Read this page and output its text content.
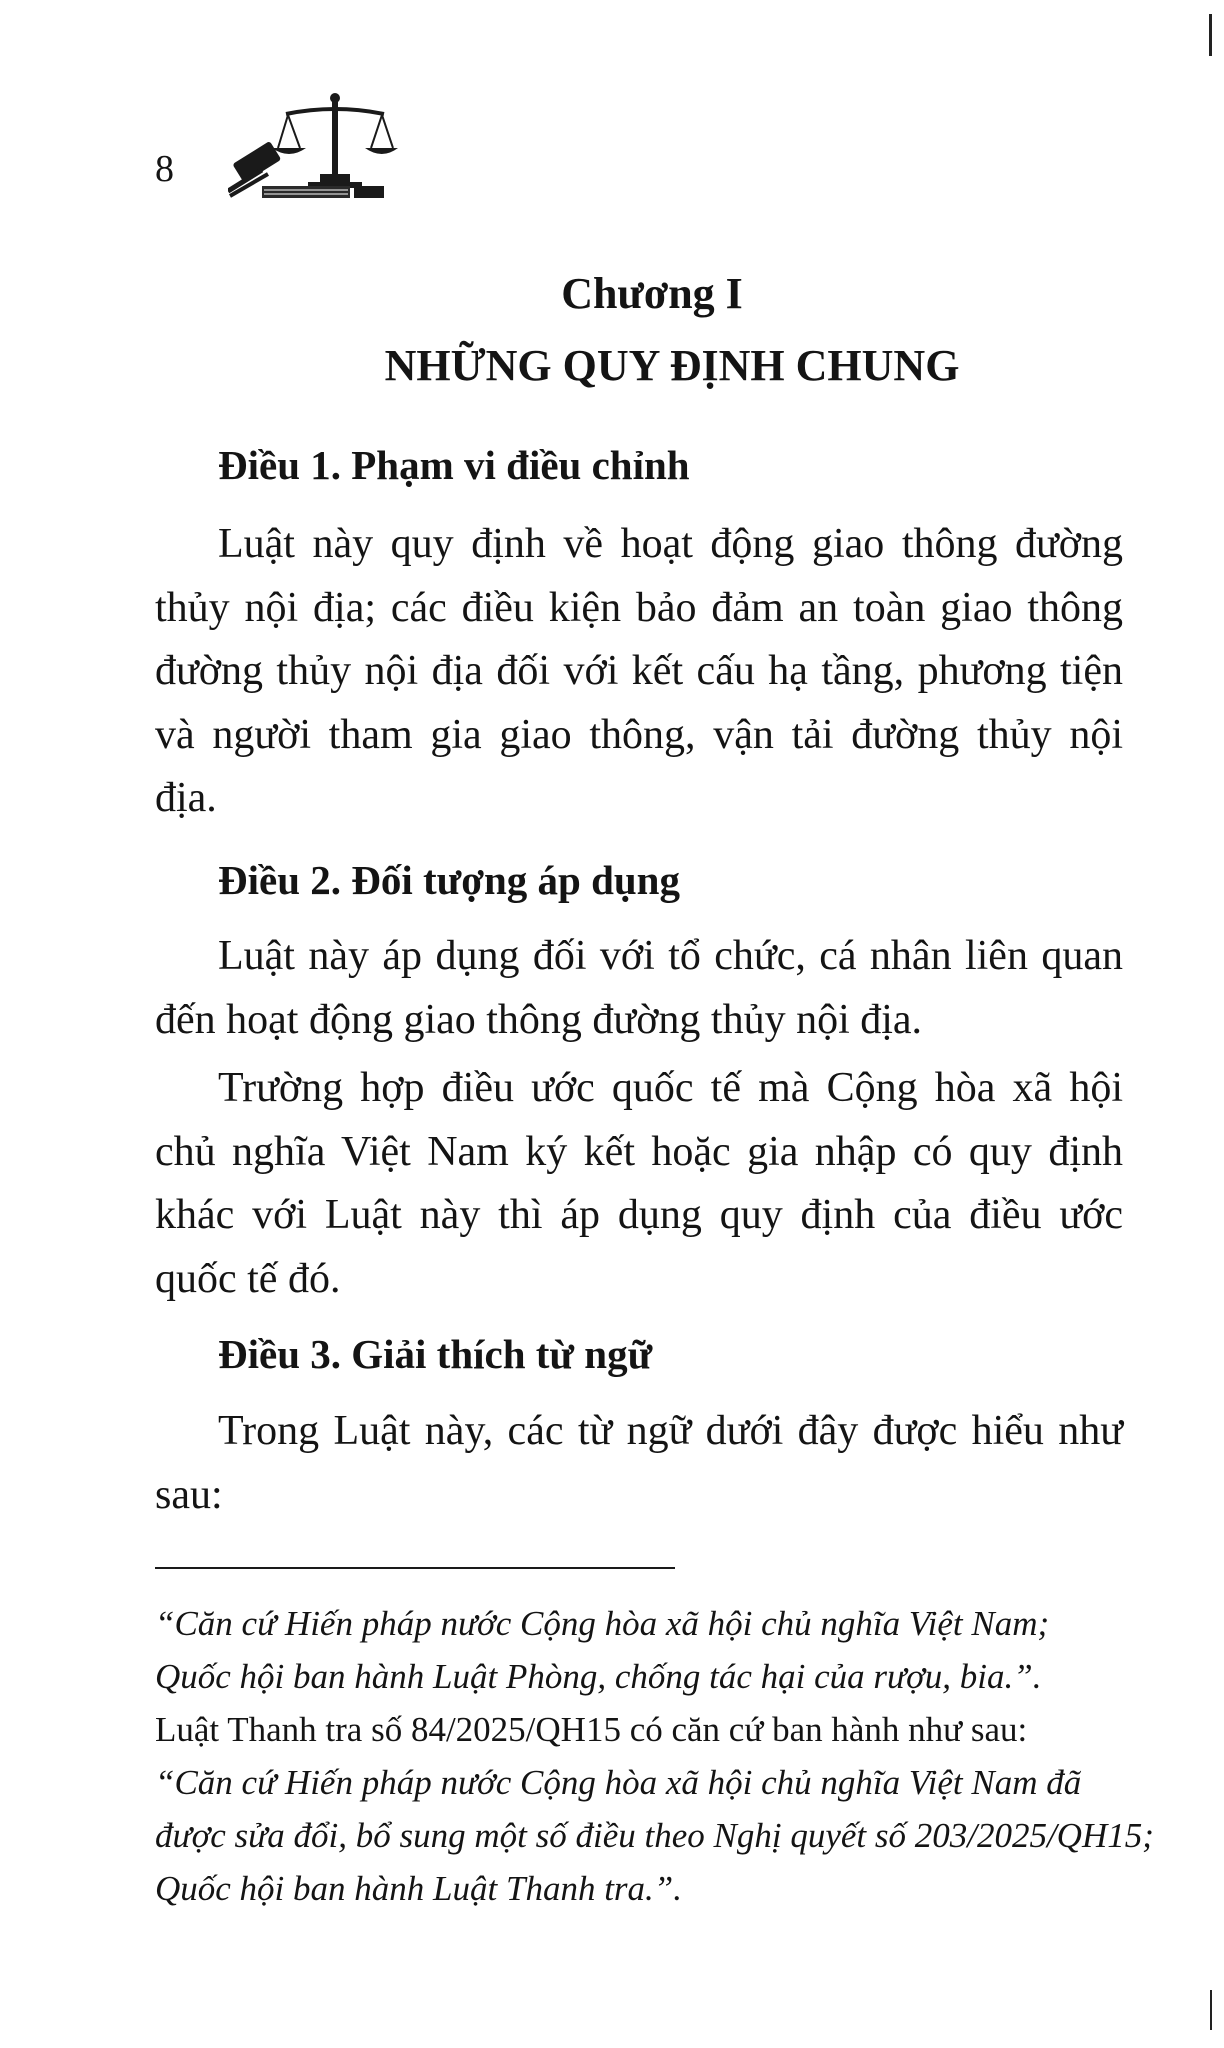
8
Chương I
NHỮNG QUY ĐỊNH CHUNG
Điều 1. Phạm vi điều chỉnh

Luật này quy định về hoạt động giao thông đường thủy nội địa; các điều kiện bảo đảm an toàn giao thông đường thủy nội địa đối với kết cấu hạ tầng, phương tiện và người tham gia giao thông, vận tải đường thủy nội địa.

Điều 2. Đối tượng áp dụng

Luật này áp dụng đối với tổ chức, cá nhân liên quan đến hoạt động giao thông đường thủy nội địa.

Trường hợp điều ước quốc tế mà Cộng hòa xã hội chủ nghĩa Việt Nam ký kết hoặc gia nhập có quy định khác với Luật này thì áp dụng quy định của điều ước quốc tế đó.

Điều 3. Giải thích từ ngữ

Trong Luật này, các từ ngữ dưới đây được hiểu như sau:

“Căn cứ Hiến pháp nước Cộng hòa xã hội chủ nghĩa Việt Nam;
Quốc hội ban hành Luật Phòng, chống tác hại của rượu, bia.”.
Luật Thanh tra số 84/2025/QH15 có căn cứ ban hành như sau:
“Căn cứ Hiến pháp nước Cộng hòa xã hội chủ nghĩa Việt Nam đã
được sửa đổi, bổ sung một số điều theo Nghị quyết số 203/2025/QH15;
Quốc hội ban hành Luật Thanh tra.”.
